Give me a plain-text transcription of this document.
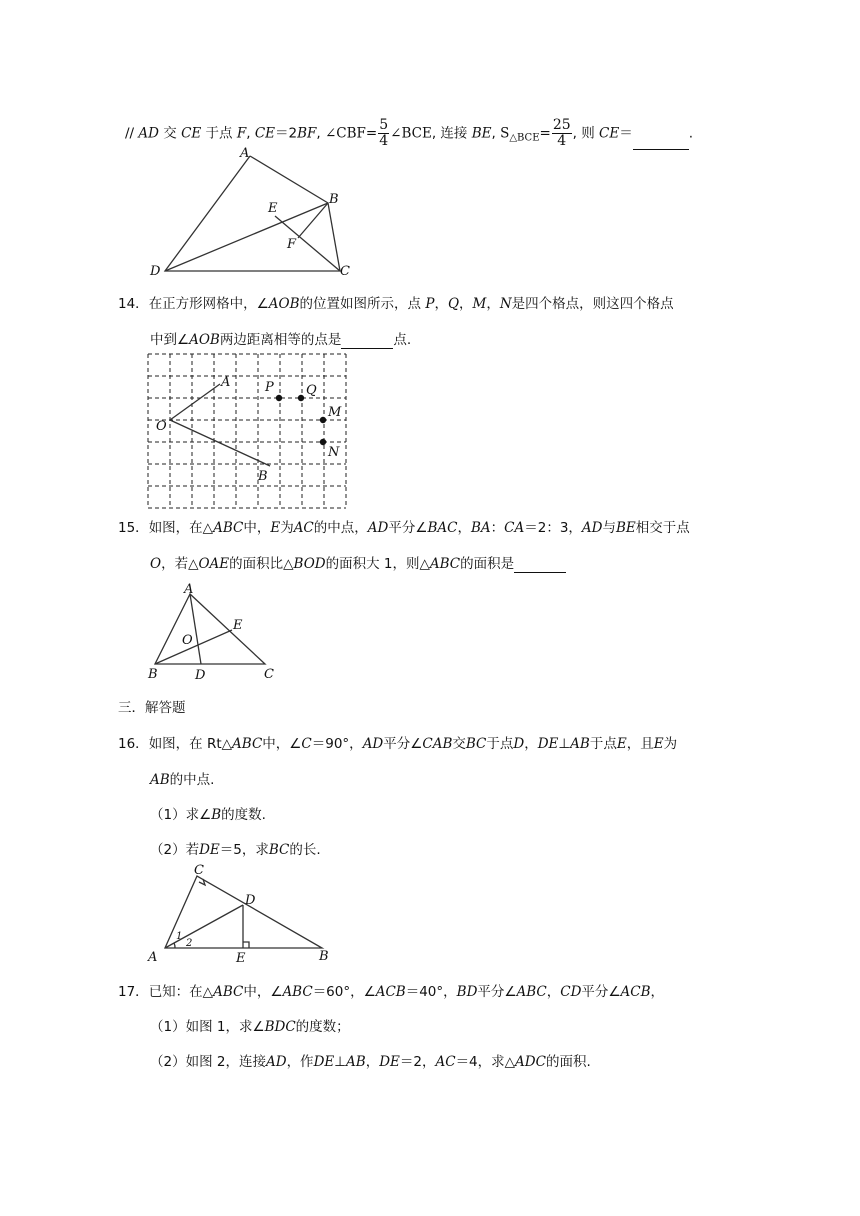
// AD 交 CE 于点 F, CE＝2BF, ∠CBF= $\frac{5}{4}$ ∠BCE, 连接 BE, $S_{\triangle BCE}= \frac{25}{4}$ , 则 CE＝	.
A
B
C
D
E
F
14．在正方形网格中，∠AOB的位置如图所示，点 P，Q，M，N是四个格点，则这四个格点
中到∠AOB两边距离相等的点是	点.
A
B
O
P Q
M
N
15．如图，在△ABC中，E为AC的中点，AD平分∠BAC，BA：CA＝2：3，AD与BE相交于点
O，若△OAE的面积比△BOD的面积大 1，则△ABC的面积是
A
B	C
D
E
O
三．解答题
16．如图，在 Rt△ABC中，∠C＝90°，AD平分∠CAB交BC于点D，DE⊥AB于点E，且E为
AB的中点.
（1）求∠B的度数.
（2）若DE＝5，求BC的长.
A	B
C
D
E
1
2
17．已知：在△ABC中，∠ABC＝60°，∠ACB＝40°，BD平分∠ABC，CD平分∠ACB，
（1）如图 1，求∠BDC的度数；
（2）如图 2，连接AD，作DE⊥AB，DE＝2，AC＝4，求△ADC的面积.
